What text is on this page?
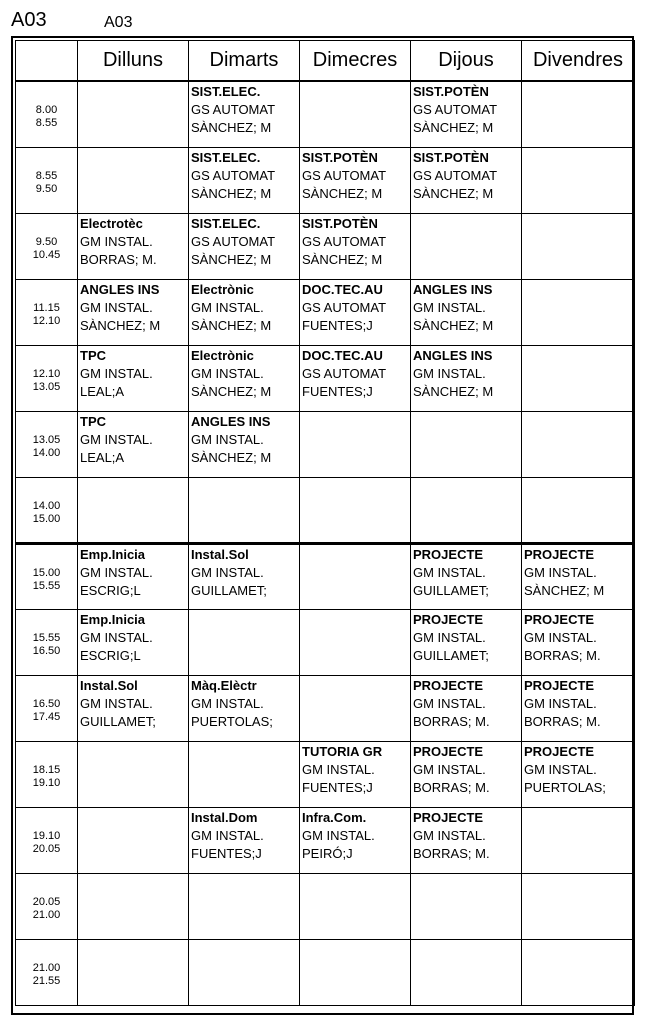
A03	A03
	Dilluns	Dimarts	Dimecres	Dijous	Divendres

8.00
8.55		SIST.ELEC.
GS AUTOMAT
SÀNCHEZ; M		SIST.POTÈN
GS AUTOMAT
SÀNCHEZ; M	

8.55
9.50		SIST.ELEC.
GS AUTOMAT
SÀNCHEZ; M	SIST.POTÈN
GS AUTOMAT
SÀNCHEZ; M	SIST.POTÈN
GS AUTOMAT
SÀNCHEZ; M	

9.50
10.45	Electrotèc
GM INSTAL.
BORRAS; M.	SIST.ELEC.
GS AUTOMAT
SÀNCHEZ; M	SIST.POTÈN
GS AUTOMAT
SÀNCHEZ; M		

11.15
12.10	ANGLES INS
GM INSTAL.
SÀNCHEZ; M	Electrònic
GM INSTAL.
SÀNCHEZ; M	DOC.TEC.AU
GS AUTOMAT
FUENTES;J	ANGLES INS
GM INSTAL.
SÀNCHEZ; M	

12.10
13.05	TPC
GM INSTAL.
LEAL;A	Electrònic
GM INSTAL.
SÀNCHEZ; M	DOC.TEC.AU
GS AUTOMAT
FUENTES;J	ANGLES INS
GM INSTAL.
SÀNCHEZ; M	

13.05
14.00	TPC
GM INSTAL.
LEAL;A	ANGLES INS
GM INSTAL.
SÀNCHEZ; M			

14.00
15.00					

15.00
15.55	Emp.Inicia
GM INSTAL.
ESCRIG;L	Instal.Sol
GM INSTAL.
GUILLAMET;		PROJECTE
GM INSTAL.
GUILLAMET;	PROJECTE
GM INSTAL.
SÀNCHEZ; M

15.55
16.50	Emp.Inicia
GM INSTAL.
ESCRIG;L			PROJECTE
GM INSTAL.
GUILLAMET;	PROJECTE
GM INSTAL.
BORRAS; M.

16.50
17.45	Instal.Sol
GM INSTAL.
GUILLAMET;	Màq.Elèctr
GM INSTAL.
PUERTOLAS;		PROJECTE
GM INSTAL.
BORRAS; M.	PROJECTE
GM INSTAL.
BORRAS; M.

18.15
19.10			TUTORIA GR
GM INSTAL.
FUENTES;J	PROJECTE
GM INSTAL.
BORRAS; M.	PROJECTE
GM INSTAL.
PUERTOLAS;

19.10
20.05		Instal.Dom
GM INSTAL.
FUENTES;J	Infra.Com.
GM INSTAL.
PEIRÓ;J	PROJECTE
GM INSTAL.
BORRAS; M.	

20.05
21.00					

21.00
21.55					
